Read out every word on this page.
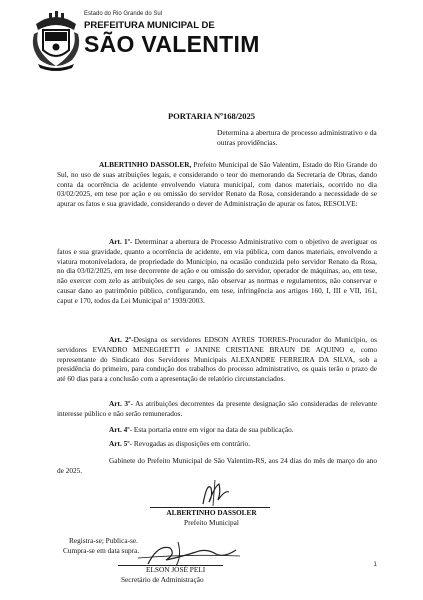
Estado do Rio Grande do Sul
PREFEITURA MUNICIPAL DE
SÃO VALENTIM
PORTARIA Nº168/2025
Determina a abertura de processo administrativo e da outras providências.
ALBERTINHO DASSOLER, Prefeito Municipal de São Valentim, Estado do Rio Grande do Sul, no uso de suas atribuições legais, e considerando o teor do memorando da Secretaria de Obras, dando conta da ocorrência de acidente envolvendo viatura municipal, com danos materiais, ocorrido no dia 03/02/2025, em tese por ação e ou omissão do servidor Renato da Rosa, considerando a necessidade de se apurar os fatos e sua gravidade, considerando o dever de Administração de apurar os fatos, RESOLVE:
Art. 1º- Determinar a abertura de Processo Administrativo com o objetivo de averiguar os fatos e sua gravidade, quanto a ocorrência de acidente, em via pública, com danos materiais, envolvendo a viatura motoniveladora, de propriedade do Município, na ocasião conduzida pelo servidor Renato da Rosa, no dia 03/02/2025, em tese decorrente de ação e ou omissão do servidor, operador de máquinas, ao, em tese, não exercer com zelo as atribuições de seu cargo, não observar as normas e regulamentos, não conservar e causar dano ao patrimônio público, configurando, em tese, infringência aos artigos 160, I, III e VII, 161, caput e 170, todos da Lei Municipal nº 1939/2003.
Art. 2º-Designa os servidores EDSON AYRES TORRES-Procurador do Município, os servidores EVANDRO MENEGHETTI e JANINE CRISTIANE BRAUN DE AQUINO e, como representante do Sindicato dos Servidores Municipais ALEXANDRE FERREIRA DA SILVA, sob a presidência do primeiro, para condução dos trabalhos do processo administrativo, os quais terão o prazo de até 60 dias para a conclusão com a apresentação de relatório circunstanciados.
Art. 3º- As atribuições decorrentes da presente designação são consideradas de relevante interesse público e não serão remunerados.
Art. 4º- Esta portaria entre em vigor na data de sua publicação.
Art. 5º- Revogadas as disposições em contrário.
Gabinete do Prefeito Municipal de São Valentim-RS, aos 24 dias do mês de março do ano de 2025.
ALBERTINHO DASSOLER
Prefeito Municipal
Registra-se; Publica-se.
Cumpra-se em data supra.
ELSON JOSÉ PELI
Secretário de Administração
1
